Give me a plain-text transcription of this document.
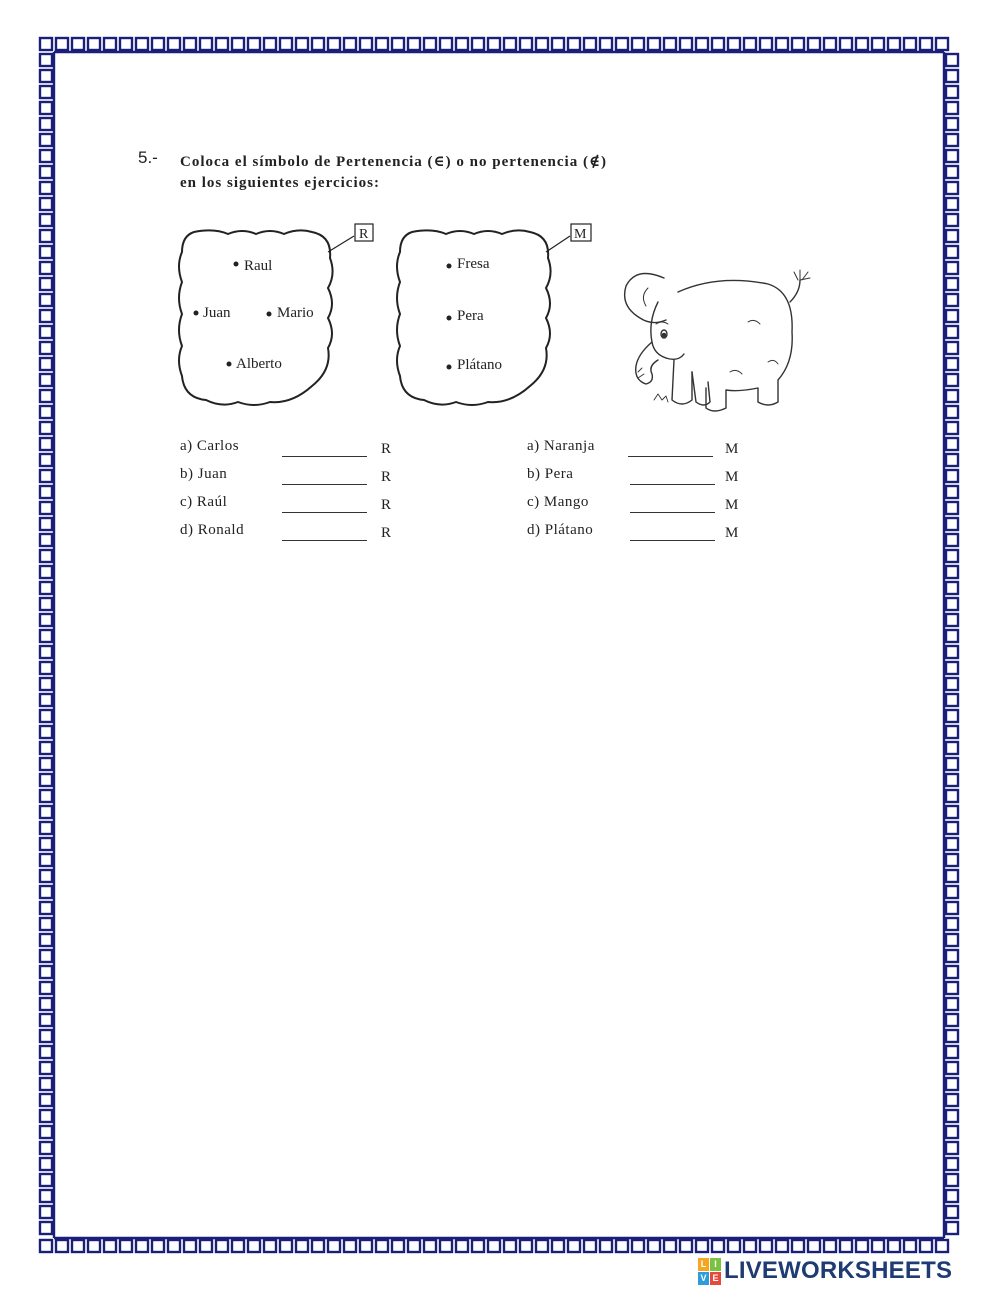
5.- Coloca el símbolo de Pertenencia (∈) o no pertenencia (∉)
en los siguientes ejercicios:
R
Raul
Juan	Mario
Alberto
M
Fresa
Pera
Plátano
a) Carlos	R
b) Juan	R
c) Raúl	R
d) Ronald	R
a) Naranja	M
b) Pera	M
c) Mango	M
d) Plátano	M
L I
V E LIVEWORKSHEETS
